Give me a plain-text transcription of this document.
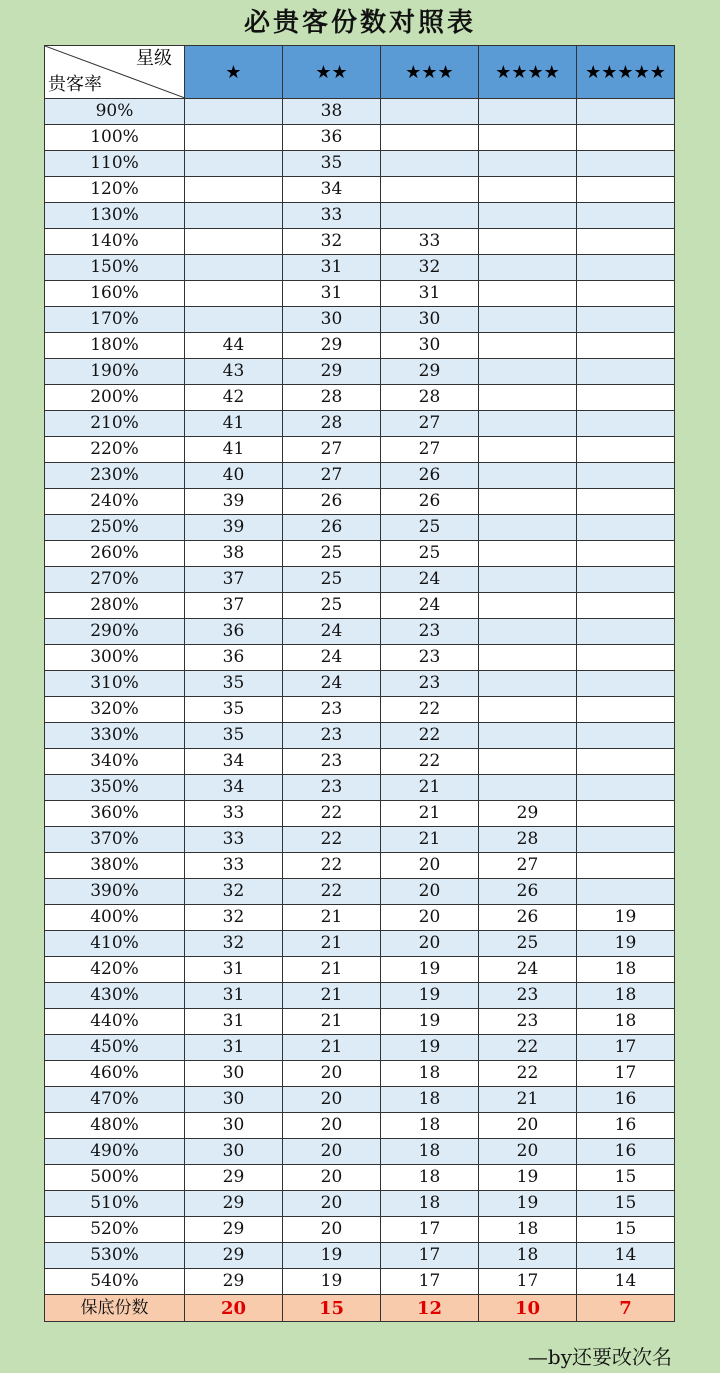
必贵客份数对照表
星级
贵客率	★	★★	★★★	★★★★	★★★★★
90%		38			
100%		36			
110%		35			
120%		34			
130%		33			
140%		32	33		
150%		31	32		
160%		31	31		
170%		30	30		
180%	44	29	30		
190%	43	29	29		
200%	42	28	28		
210%	41	28	27		
220%	41	27	27		
230%	40	27	26		
240%	39	26	26		
250%	39	26	25		
260%	38	25	25		
270%	37	25	24		
280%	37	25	24		
290%	36	24	23		
300%	36	24	23		
310%	35	24	23		
320%	35	23	22		
330%	35	23	22		
340%	34	23	22		
350%	34	23	21		
360%	33	22	21	29	
370%	33	22	21	28	
380%	33	22	20	27	
390%	32	22	20	26	
400%	32	21	20	26	19
410%	32	21	20	25	19
420%	31	21	19	24	18
430%	31	21	19	23	18
440%	31	21	19	23	18
450%	31	21	19	22	17
460%	30	20	18	22	17
470%	30	20	18	21	16
480%	30	20	18	20	16
490%	30	20	18	20	16
500%	29	20	18	19	15
510%	29	20	18	19	15
520%	29	20	17	18	15
530%	29	19	17	18	14
540%	29	19	17	17	14
保底份数	20	15	12	10	7
—by还要改次名
